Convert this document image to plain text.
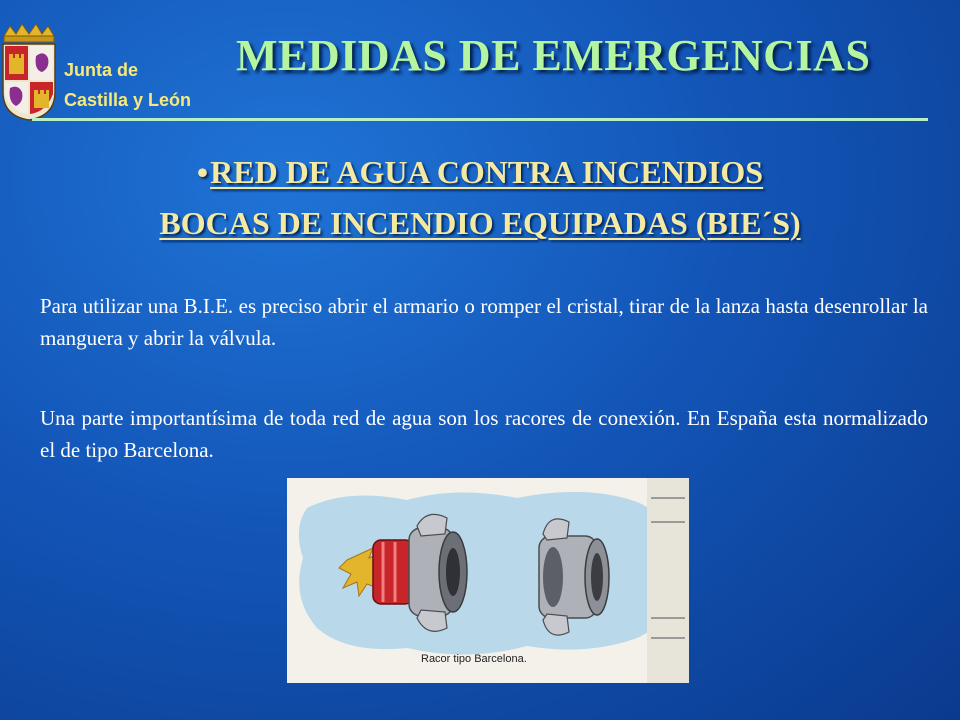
Junta de
Castilla y León
MEDIDAS DE EMERGENCIAS
•RED DE AGUA CONTRA INCENDIOS
BOCAS DE INCENDIO EQUIPADAS (BIE´S)
Para utilizar una B.I.E. es preciso abrir el armario o romper el cristal, tirar de la lanza hasta desenrollar la manguera y abrir la válvula.
Una parte importantísima de toda red de agua son los racores de conexión. En España esta normalizado el de tipo Barcelona.
Racor tipo Barcelona.
